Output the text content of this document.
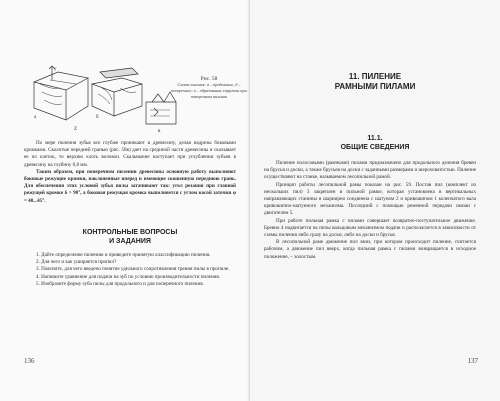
у
Z
а	б
в
Рис. 58
Схемы пиления: а – продольное, б – поперечное; в – образование стружки при поперечном пилении

По мере пиления зубья все глубже проникают в древесину, делая надрезы боковыми кромками. Сколотые передней гранью (рис. 58в) дает на срединой части древесины и скалывает ее по клеток, то верхню клоть волокон. Скалывание наступает при углублении зубьев в древесину на глубину 0,8 мм.

Таким образом, при поперечном пилении древесины основную работу выполняют боковые режущие кромки, наклоненные вперед и имеющие скошенную переднюю грань. Для обеспечения этих условий зубья пилы затачивают так: угол резания при главной режущей кромке δ > 90°, а боковая режущая кромка выполняется с углом косой заточки φ = 40...45°.

КОНТРОЛЬНЫЕ ВОПРОСЫ
И ЗАДАНИЯ

1. Дайте определение пилению и приведите принятую классификацию пиления.

2. Для чего и как уширяется пропил?

3. Поясните, для чего введено понятие удельного сопротивления трения пилы в пропиле.

4. Напишите уравнение для подачи на зуб по условию производительности пиления.

5. Изобразите форму зуба пилы для продольного и для поперечного пиления.

136
11. ПИЛЕНИЕ
РАМНЫМИ ПИЛАМИ
11.1.
ОБЩИЕ СВЕДЕНИЯ

Пиление полосовыми (рамными) пилами предназначено для продольного деления бревен на брусья и доски, а также брусьев на доски с заданными размерами и шероховатостью. Пиление осуществляют на станке, называемом лесопильной рамой.

Принцип работы лесопильной рамы показан на рис. 59. Постав пил (комплект из нескольких пил) 3 закреплен в пильной рамке, которая установлена в вертикальных направляющих станины и шарнирно соединена с шатуном 2 и кривошипом 1 коленчатого вала кривошипно-шатунного механизма. Последний с помощью ременной передачи связан с двигателем 5.

При работе пильная рамка с пилами совершает возвратно-поступательное движение. Бревно 4 надвигается на пилы вальцовым механизмом подачи и располагается в зависимости от схемы пиления либо сразу на доски, либо на доски и брусья.

В лесопильной раме движение пил вниз, при котором происходит пиление, считается рабочим, а движение пил вверх, когда пильная рамка с пилами возвращается в исходное положение, – холостым.

137
